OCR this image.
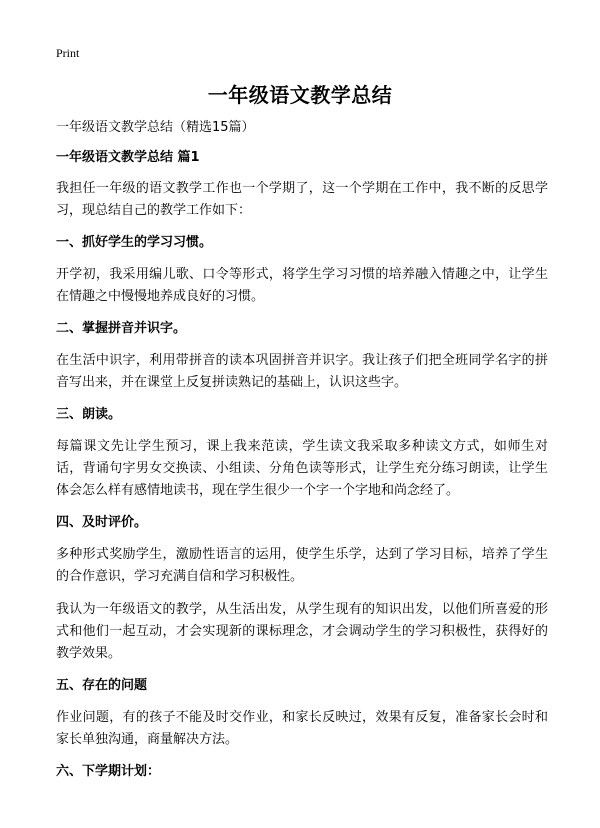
Print
一年级语文教学总结

一年级语文教学总结（精选15篇）

一年级语文教学总结 篇1

我担任一年级的语文教学工作也一个学期了，这一个学期在工作中，我不断的反思学习，现总结自己的教学工作如下：

一、抓好学生的学习习惯。

开学初，我采用编儿歌、口令等形式，将学生学习习惯的培养融入情趣之中，让学生在情趣之中慢慢地养成良好的习惯。

二、掌握拼音并识字。

在生活中识字，利用带拼音的读本巩固拼音并识字。我让孩子们把全班同学名字的拼音写出来，并在课堂上反复拼读熟记的基础上，认识这些字。

三、朗读。

每篇课文先让学生预习，课上我来范读，学生读文我采取多种读文方式，如师生对话，背诵句字男女交换读、小组读、分角色读等形式，让学生充分练习朗读，让学生体会怎么样有感情地读书，现在学生很少一个字一个字地和尚念经了。

四、及时评价。

多种形式奖励学生，激励性语言的运用，使学生乐学，达到了学习目标，培养了学生的合作意识，学习充满自信和学习积极性。

我认为一年级语文的教学，从生活出发，从学生现有的知识出发，以他们所喜爱的形式和他们一起互动，才会实现新的课标理念，才会调动学生的学习积极性，获得好的教学效果。

五、存在的问题

作业问题，有的孩子不能及时交作业，和家长反映过，效果有反复，准备家长会时和家长单独沟通，商量解决方法。

六、下学期计划：
